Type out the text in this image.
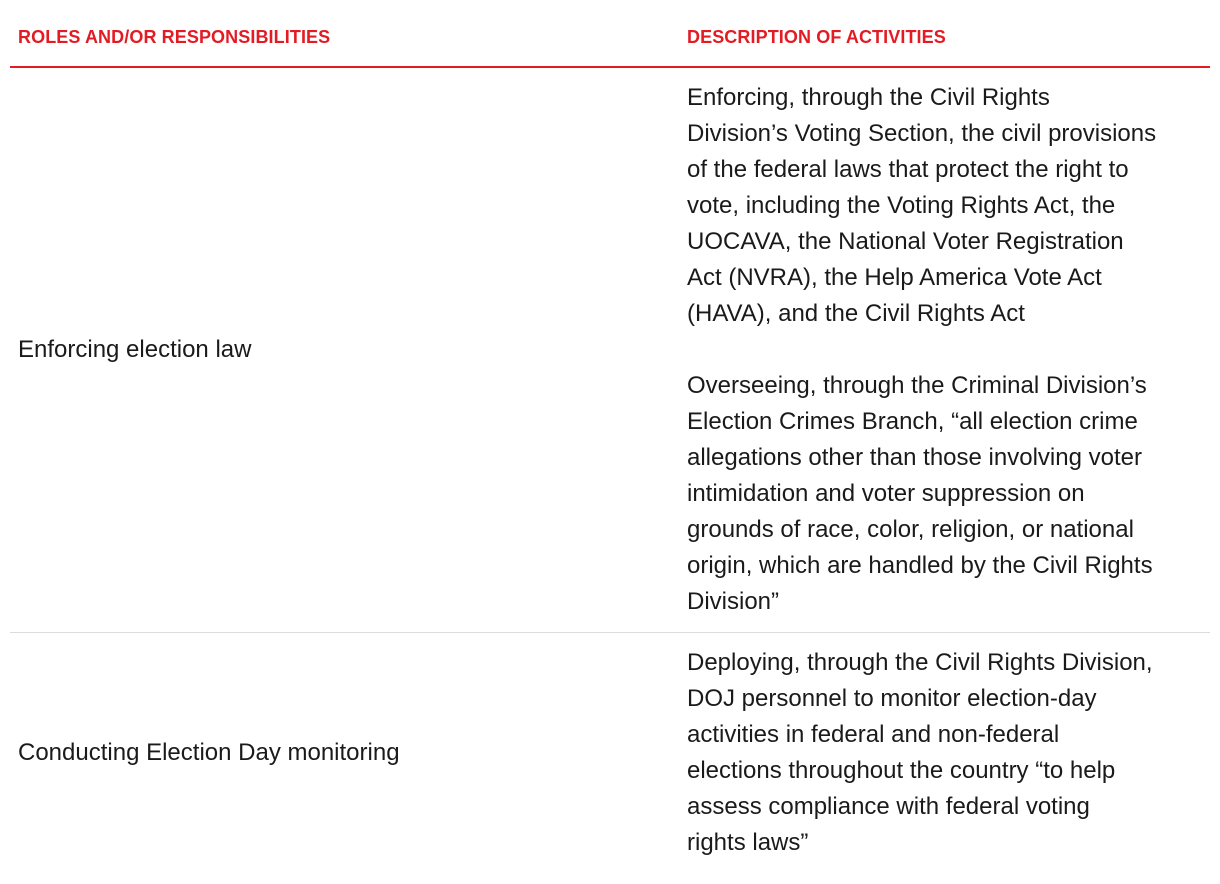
ROLES AND/OR RESPONSIBILITIES	DESCRIPTION OF ACTIVITIES
Enforcing election law
Enforcing, through the Civil Rights
Division’s Voting Section, the civil provisions
of the federal laws that protect the right to
vote, including the Voting Rights Act, the
UOCAVA, the National Voter Registration
Act (NVRA), the Help America Vote Act
(HAVA), and the Civil Rights Act
Overseeing, through the Criminal Division’s
Election Crimes Branch, “all election crime
allegations other than those involving voter
intimidation and voter suppression on
grounds of race, color, religion, or national
origin, which are handled by the Civil Rights
Division”
Conducting Election Day monitoring
Deploying, through the Civil Rights Division,
DOJ personnel to monitor election-day
activities in federal and non-federal
elections throughout the country “to help
assess compliance with federal voting
rights laws”
